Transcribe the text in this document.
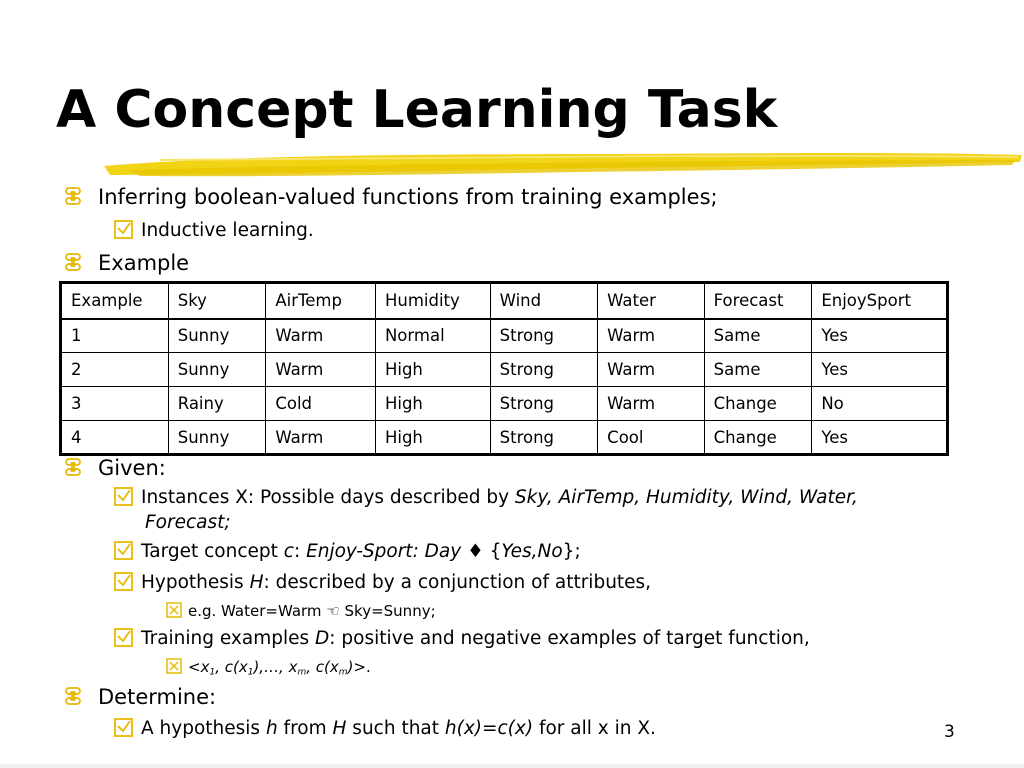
A Concept Learning Task
Inferring boolean-valued functions from training examples;
Inductive learning.
Example
Example	Sky	AirTemp	Humidity	Wind	Water	Forecast	EnjoySport
1	Sunny	Warm	Normal	Strong	Warm	Same	Yes
2	Sunny	Warm	High	Strong	Warm	Same	Yes
3	Rainy	Cold	High	Strong	Warm	Change	No
4	Sunny	Warm	High	Strong	Cool	Change	Yes
Given:
Instances X: Possible days described by Sky, AirTemp, Humidity, Wind, Water,
Forecast;
Target concept c: Enjoy-Sport: Day ♦ {Yes,No};
Hypothesis H: described by a conjunction of attributes,
e.g. Water=Warm ☜ Sky=Sunny;
Training examples D: positive and negative examples of target function,
$<x_1$, $c(x_1),\dots$, $x_m$, $c(x_m)>$.
Determine:
A hypothesis h from H such that h(x)=c(x) for all x in X.	3
